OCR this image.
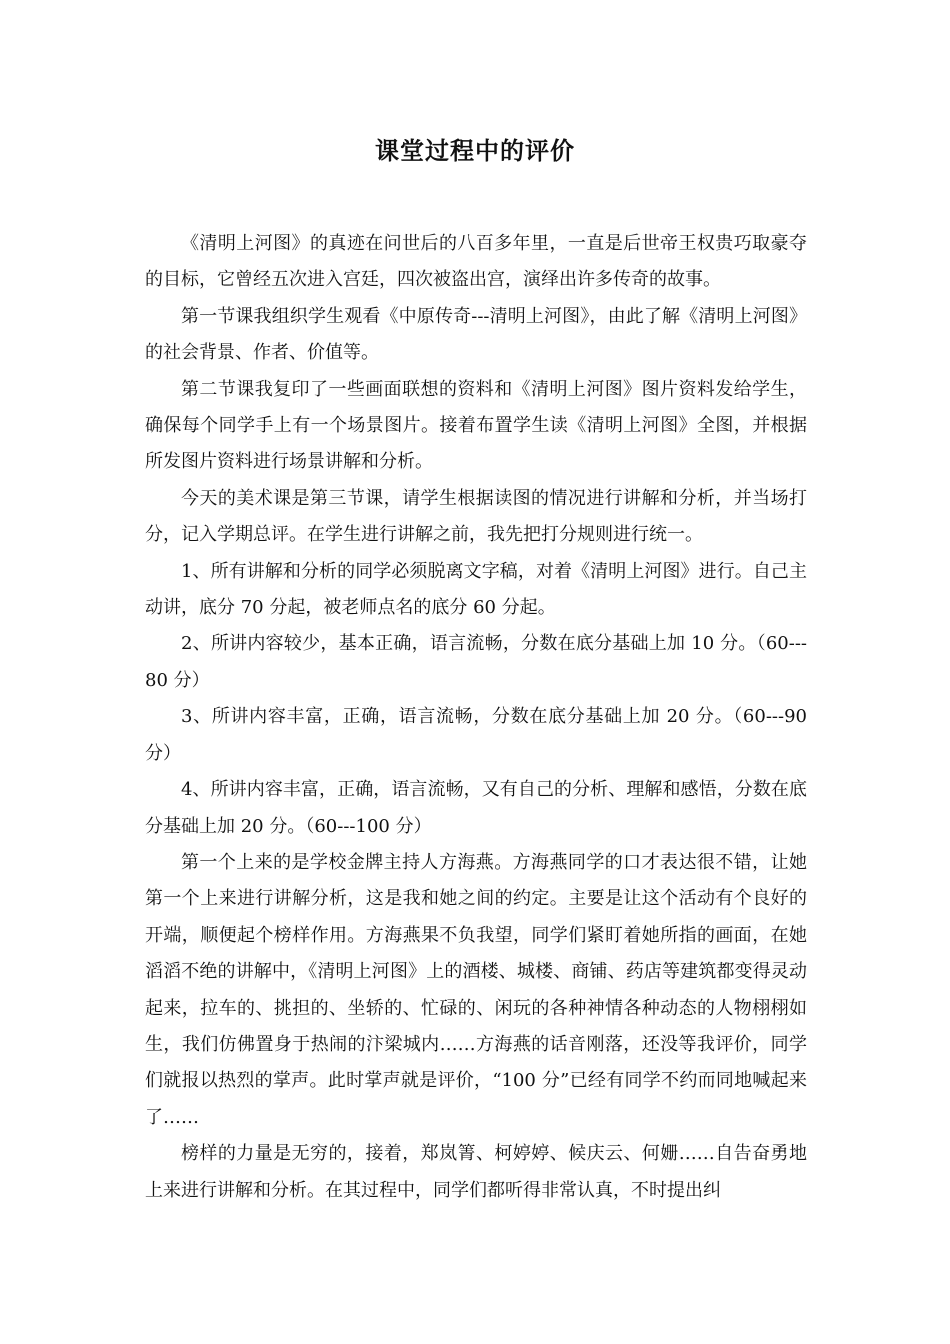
课堂过程中的评价

《清明上河图》的真迹在问世后的八百多年里，一直是后世帝王权贵巧取豪夺的目标，它曾经五次进入宫廷，四次被盗出宫，演绎出许多传奇的故事。

第一节课我组织学生观看《中原传奇---清明上河图》，由此了解《清明上河图》的社会背景、作者、价值等。

第二节课我复印了一些画面联想的资料和《清明上河图》图片资料发给学生，确保每个同学手上有一个场景图片。接着布置学生读《清明上河图》全图，并根据所发图片资料进行场景讲解和分析。

今天的美术课是第三节课，请学生根据读图的情况进行讲解和分析，并当场打分，记入学期总评。在学生进行讲解之前，我先把打分规则进行统一。

1、所有讲解和分析的同学必须脱离文字稿，对着《清明上河图》进行。自己主动讲，底分 70 分起，被老师点名的底分 60 分起。

2、所讲内容较少，基本正确，语言流畅，分数在底分基础上加 10 分。（60---80 分）

3、所讲内容丰富，正确，语言流畅，分数在底分基础上加 20 分。（60---90 分）

4、所讲内容丰富，正确，语言流畅，又有自己的分析、理解和感悟，分数在底分基础上加 20 分。（60---100 分）

第一个上来的是学校金牌主持人方海燕。方海燕同学的口才表达很不错，让她第一个上来进行讲解分析，这是我和她之间的约定。主要是让这个活动有个良好的开端，顺便起个榜样作用。方海燕果不负我望，同学们紧盯着她所指的画面，在她滔滔不绝的讲解中，《清明上河图》上的酒楼、城楼、商铺、药店等建筑都变得灵动起来，拉车的、挑担的、坐轿的、忙碌的、闲玩的各种神情各种动态的人物栩栩如生，我们仿佛置身于热闹的汴梁城内……方海燕的话音刚落，还没等我评价，同学们就报以热烈的掌声。此时掌声就是评价，“100 分”已经有同学不约而同地喊起来了……

榜样的力量是无穷的，接着，郑岚箐、柯婷婷、候庆云、何姗……自告奋勇地上来进行讲解和分析。在其过程中，同学们都听得非常认真，不时提出纠
